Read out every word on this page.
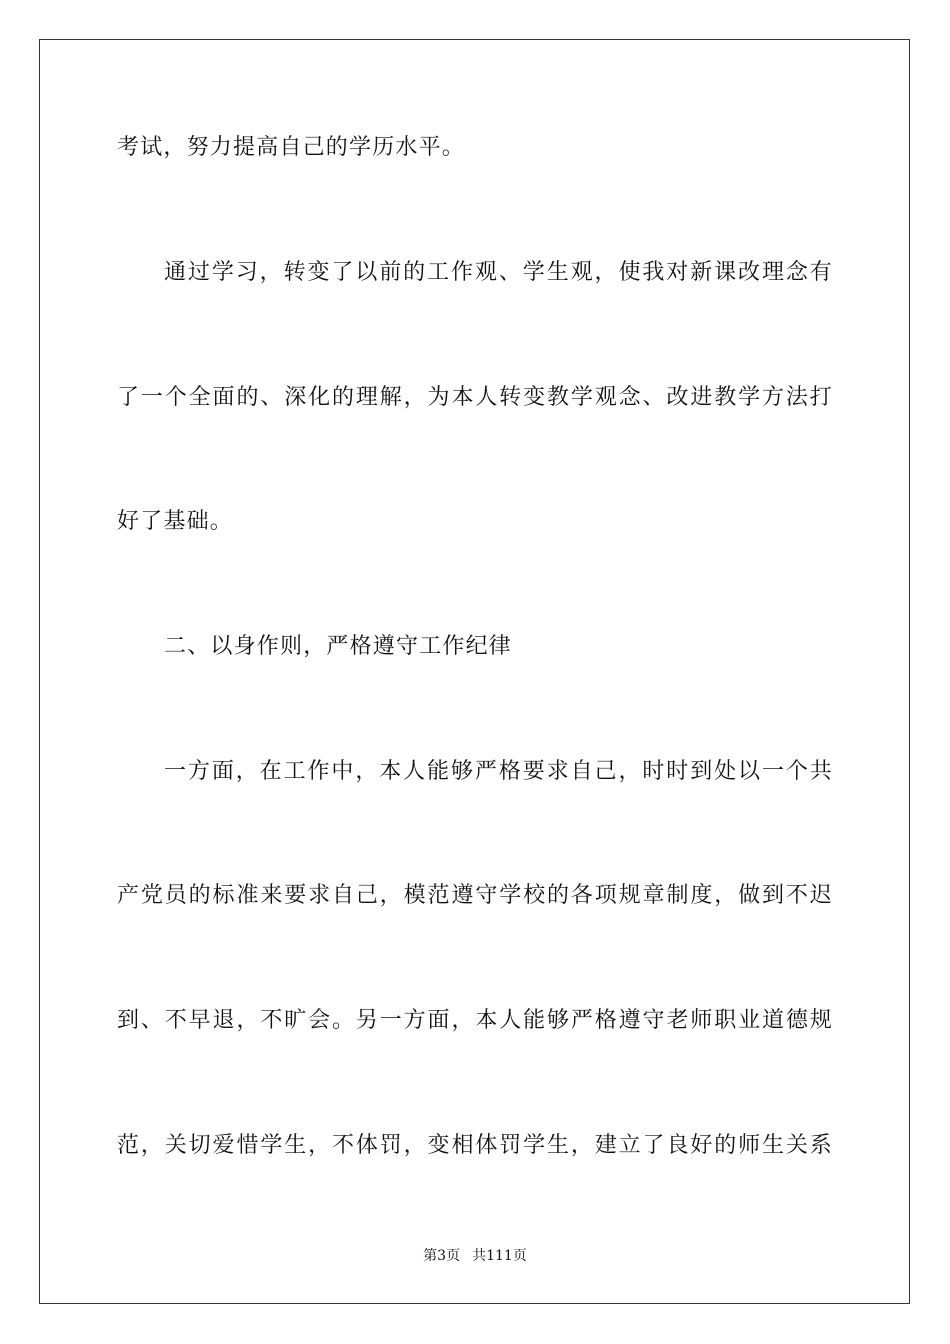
考试，努力提高自己的学历水平。
通过学习，转变了以前的工作观、学生观，使我对新课改理念有
了一个全面的、深化的理解，为本人转变教学观念、改进教学方法打
好了基础。
二、以身作则，严格遵守工作纪律
一方面，在工作中，本人能够严格要求自己，时时到处以一个共
产党员的标准来要求自己，模范遵守学校的各项规章制度，做到不迟
到、不早退，不旷会。另一方面，本人能够严格遵守老师职业道德规
范，关切爱惜学生，不体罚，变相体罚学生，建立了良好的师生关系
第3页 共111页
